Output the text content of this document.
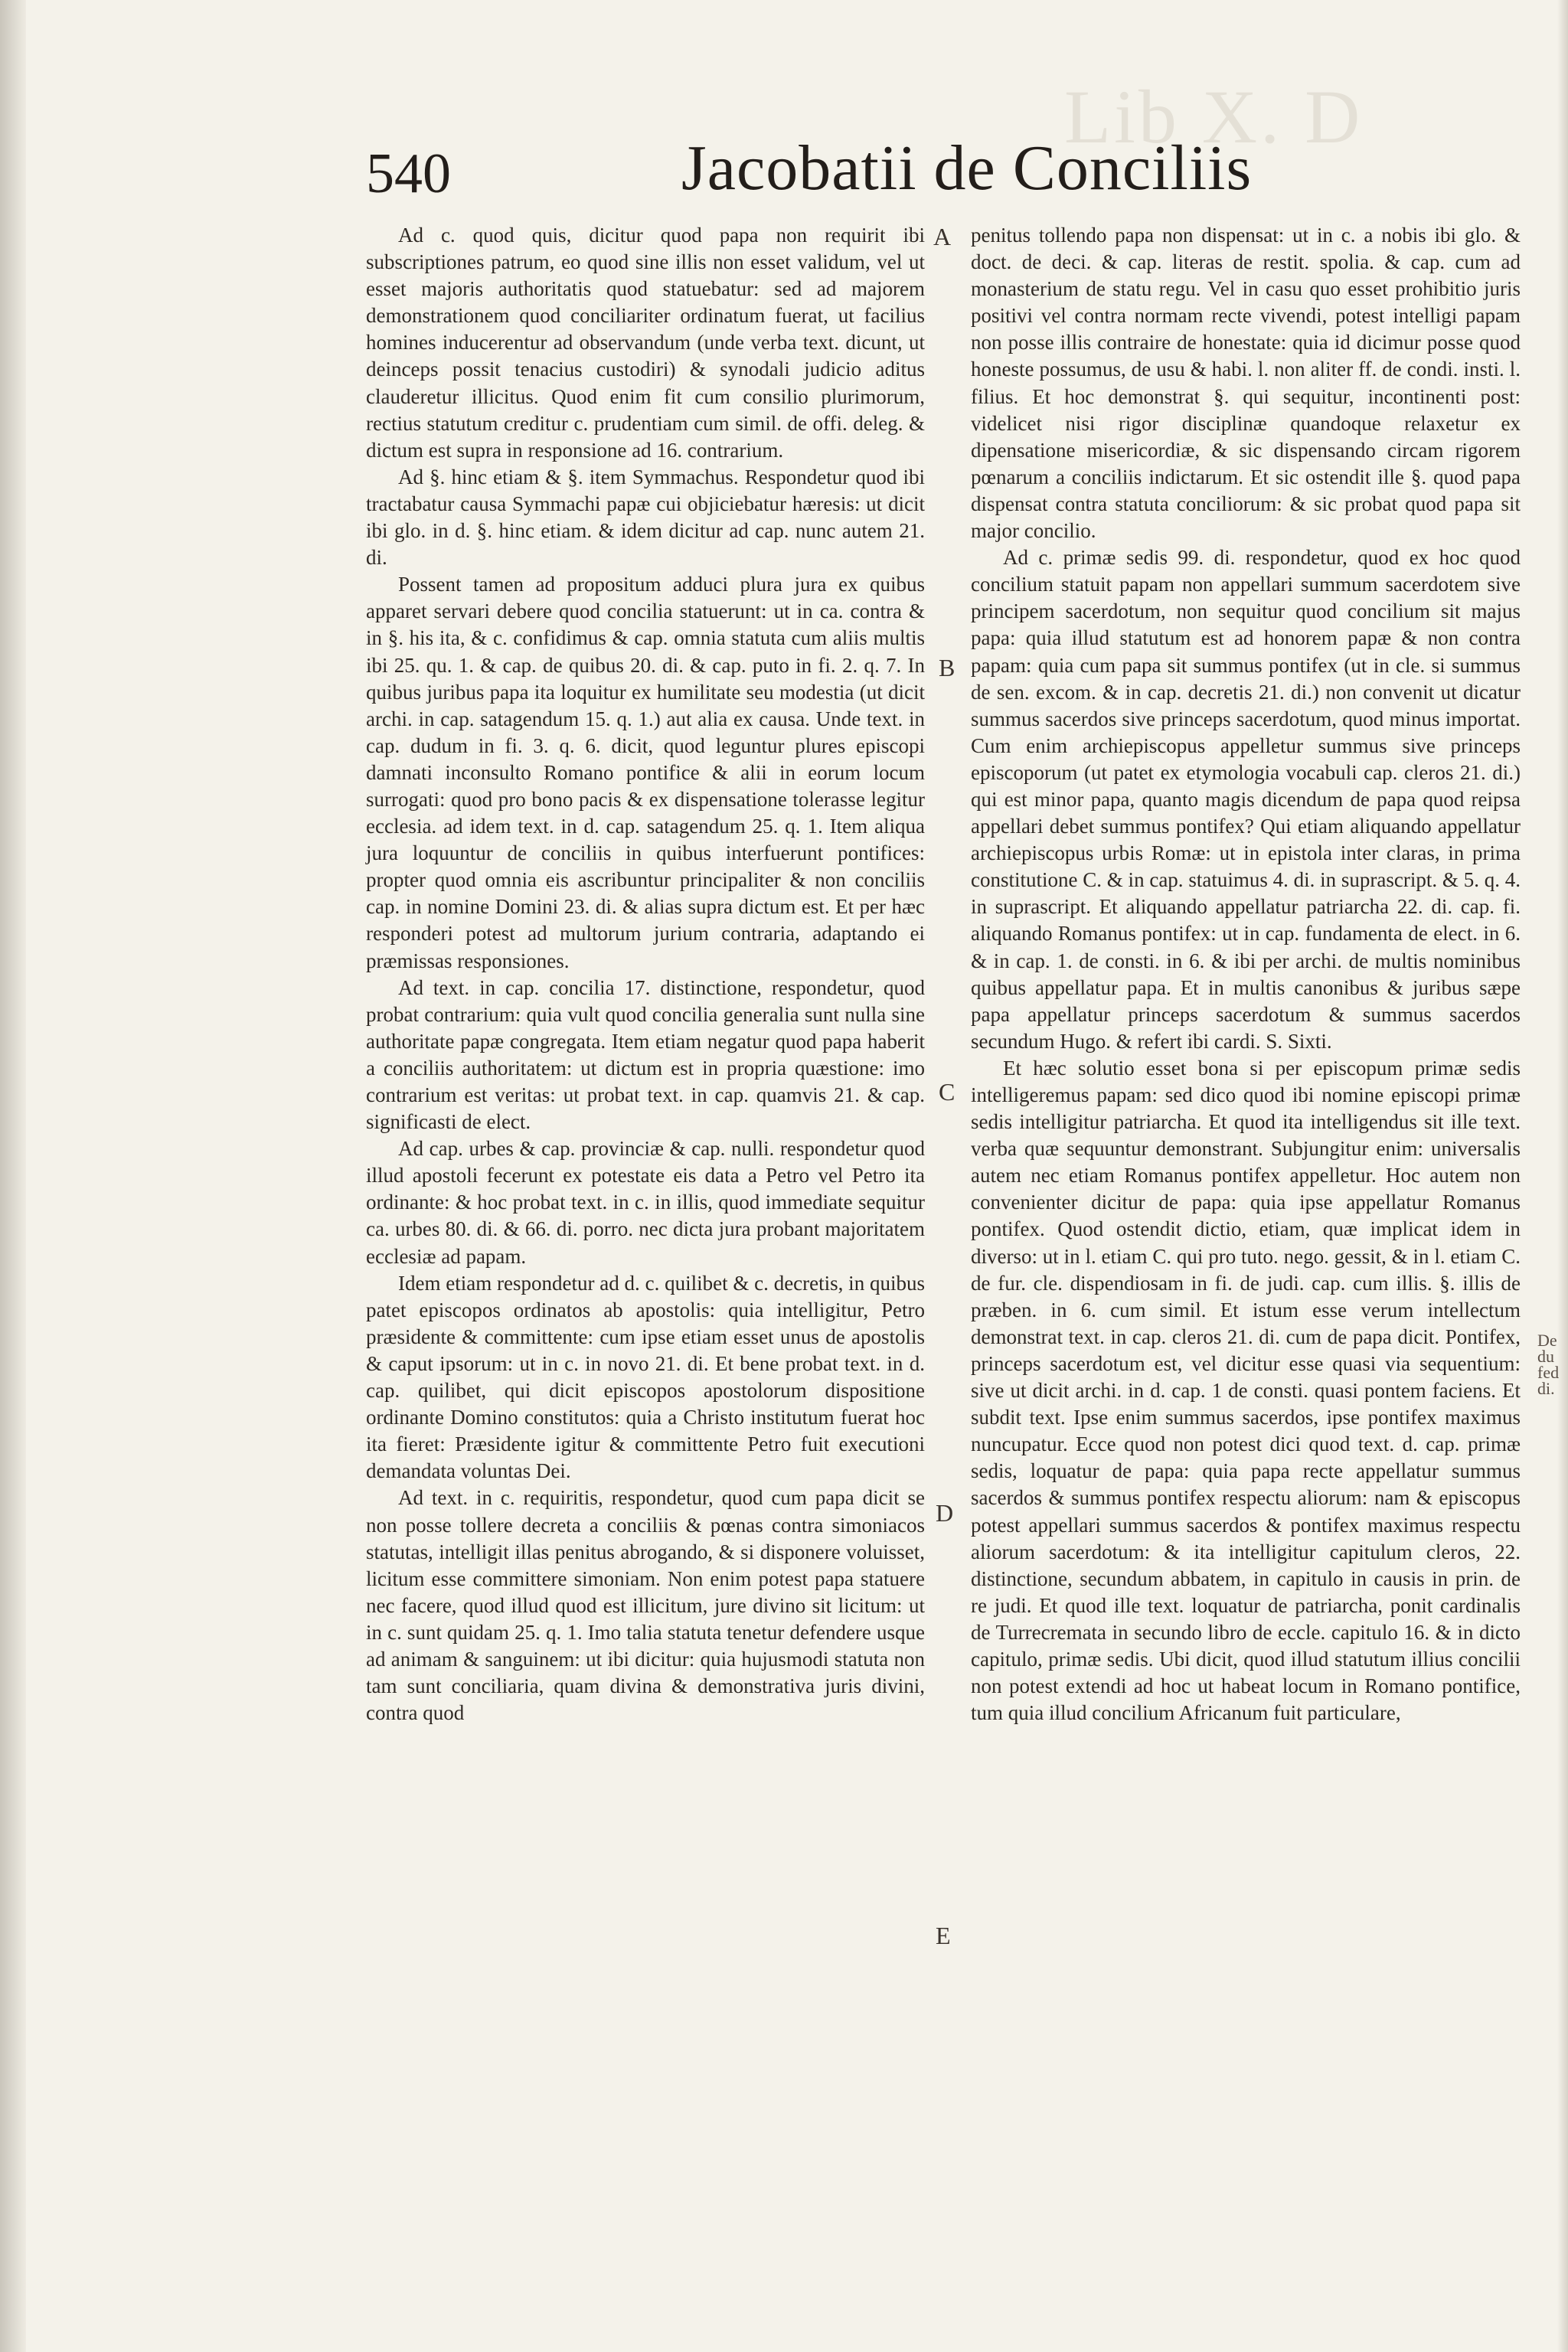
Lib X. D
540	Jacobatii de Conciliis

Ad c. quod quis, dicitur quod papa non requirit ibi subscriptiones patrum, eo quod sine illis non esset validum, vel ut esset majoris authoritatis quod statuebatur: sed ad majorem demonstrationem quod conciliariter ordinatum fuerat, ut facilius homines inducerentur ad observandum (unde verba text. dicunt, ut deinceps possit tenacius custodiri) & synodali judicio aditus clauderetur illicitus. Quod enim fit cum consilio plurimorum, rectius statutum creditur c. prudentiam cum simil. de offi. deleg. & dictum est supra in responsione ad 16. contrarium.

Ad §. hinc etiam & §. item Symmachus. Respondetur quod ibi tractabatur causa Symmachi papæ cui objiciebatur hæresis: ut dicit ibi glo. in d. §. hinc etiam. & idem dicitur ad cap. nunc autem 21. di.

Possent tamen ad propositum adduci plura jura ex quibus apparet servari debere quod concilia statuerunt: ut in ca. contra & in §. his ita, & c. confidimus & cap. omnia statuta cum aliis multis ibi 25. qu. 1. & cap. de quibus 20. di. & cap. puto in fi. 2. q. 7. In quibus juribus papa ita loquitur ex humilitate seu modestia (ut dicit archi. in cap. satagendum 15. q. 1.) aut alia ex causa. Unde text. in cap. dudum in fi. 3. q. 6. dicit, quod leguntur plures episcopi damnati inconsulto Romano pontifice & alii in eorum locum surrogati: quod pro bono pacis & ex dispensatione tolerasse legitur ecclesia. ad idem text. in d. cap. satagendum 25. q. 1. Item aliqua jura loquuntur de conciliis in quibus interfuerunt pontifices: propter quod omnia eis ascribuntur principaliter & non conciliis cap. in nomine Domini 23. di. & alias supra dictum est. Et per hæc responderi potest ad multorum jurium contraria, adaptando ei præmissas responsiones.

Ad text. in cap. concilia 17. distinctione, respondetur, quod probat contrarium: quia vult quod concilia generalia sunt nulla sine authoritate papæ congregata. Item etiam negatur quod papa haberit a conciliis authoritatem: ut dictum est in propria quæstione: imo contrarium est veritas: ut probat text. in cap. quamvis 21. & cap. significasti de elect.

Ad cap. urbes & cap. provinciæ & cap. nulli. respondetur quod illud apostoli fecerunt ex potestate eis data a Petro vel Petro ita ordinante: & hoc probat text. in c. in illis, quod immediate sequitur ca. urbes 80. di. & 66. di. porro. nec dicta jura probant majoritatem ecclesiæ ad papam.

Idem etiam respondetur ad d. c. quilibet & c. decretis, in quibus patet episcopos ordinatos ab apostolis: quia intelligitur, Petro præsidente & committente: cum ipse etiam esset unus de apostolis & caput ipsorum: ut in c. in novo 21. di. Et bene probat text. in d. cap. quilibet, qui dicit episcopos apostolorum dispositione ordinante Domino constitutos: quia a Christo institutum fuerat hoc ita fieret: Præsidente igitur & committente Petro fuit executioni demandata voluntas Dei.

Ad text. in c. requiritis, respondetur, quod cum papa dicit se non posse tollere decreta a conciliis & pœnas contra simoniacos statutas, intelligit illas penitus abrogando, & si disponere voluisset, licitum esse committere simoniam. Non enim potest papa statuere nec facere, quod illud quod est illicitum, jure divino sit licitum: ut in c. sunt quidam 25. q. 1. Imo talia statuta tenetur defendere usque ad animam & sanguinem: ut ibi dicitur: quia hujusmodi statuta non tam sunt conciliaria, quam divina & demonstrativa juris divini, contra quod

penitus tollendo papa non dispensat: ut in c. a nobis ibi glo. & doct. de deci. & cap. literas de restit. spolia. & cap. cum ad monasterium de statu regu. Vel in casu quo esset prohibitio juris positivi vel contra normam recte vivendi, potest intelligi papam non posse illis contraire de honestate: quia id dicimur posse quod honeste possumus, de usu & habi. l. non aliter ff. de condi. insti. l. filius. Et hoc demonstrat §. qui sequitur, incontinenti post: videlicet nisi rigor disciplinæ quandoque relaxetur ex dipensatione misericordiæ, & sic dispensando circam rigorem pœnarum a conciliis indictarum. Et sic ostendit ille §. quod papa dispensat contra statuta conciliorum: & sic probat quod papa sit major concilio.

Ad c. primæ sedis 99. di. respondetur, quod ex hoc quod concilium statuit papam non appellari summum sacerdotem sive principem sacerdotum, non sequitur quod concilium sit majus papa: quia illud statutum est ad honorem papæ & non contra papam: quia cum papa sit summus pontifex (ut in cle. si summus de sen. excom. & in cap. decretis 21. di.) non convenit ut dicatur summus sacerdos sive princeps sacerdotum, quod minus importat. Cum enim archiepiscopus appelletur summus sive princeps episcoporum (ut patet ex etymologia vocabuli cap. cleros 21. di.) qui est minor papa, quanto magis dicendum de papa quod reipsa appellari debet summus pontifex? Qui etiam aliquando appellatur archiepiscopus urbis Romæ: ut in epistola inter claras, in prima constitutione C. & in cap. statuimus 4. di. in suprascript. & 5. q. 4. in suprascript. Et aliquando appellatur patriarcha 22. di. cap. fi. aliquando Romanus pontifex: ut in cap. fundamenta de elect. in 6. & in cap. 1. de consti. in 6. & ibi per archi. de multis nominibus quibus appellatur papa. Et in multis canonibus & juribus sæpe papa appellatur princeps sacerdotum & summus sacerdos secundum Hugo. & refert ibi cardi. S. Sixti.

Et hæc solutio esset bona si per episcopum primæ sedis intelligeremus papam: sed dico quod ibi nomine episcopi primæ sedis intelligitur patriarcha. Et quod ita intelligendus sit ille text. verba quæ sequuntur demonstrant. Subjungitur enim: universalis autem nec etiam Romanus pontifex appelletur. Hoc autem non convenienter dicitur de papa: quia ipse appellatur Romanus pontifex. Quod ostendit dictio, etiam, quæ implicat idem in diverso: ut in l. etiam C. qui pro tuto. nego. gessit, & in l. etiam C. de fur. cle. dispendiosam in fi. de judi. cap. cum illis. §. illis de præben. in 6. cum simil. Et istum esse verum intellectum demonstrat text. in cap. cleros 21. di. cum de papa dicit. Pontifex, princeps sacerdotum est, vel dicitur esse quasi via sequentium: sive ut dicit archi. in d. cap. 1 de consti. quasi pontem faciens. Et subdit text. Ipse enim summus sacerdos, ipse pontifex maximus nuncupatur. Ecce quod non potest dici quod text. d. cap. primæ sedis, loquatur de papa: quia papa recte appellatur summus sacerdos & summus pontifex respectu aliorum: nam & episcopus potest appellari summus sacerdos & pontifex maximus respectu aliorum sacerdotum: & ita intelligitur capitulum cleros, 22. distinctione, secundum abbatem, in capitulo in causis in prin. de re judi. Et quod ille text. loquatur de patriarcha, ponit cardinalis de Turrecremata in secundo libro de eccle. capitulo 16. & in dicto capitulo, primæ sedis. Ubi dicit, quod illud statutum illius concilii non potest extendi ad hoc ut habeat locum in Romano pontifice, tum quia illud concilium Africanum fuit particulare,

A
B
C
D
E
De du fed di.
